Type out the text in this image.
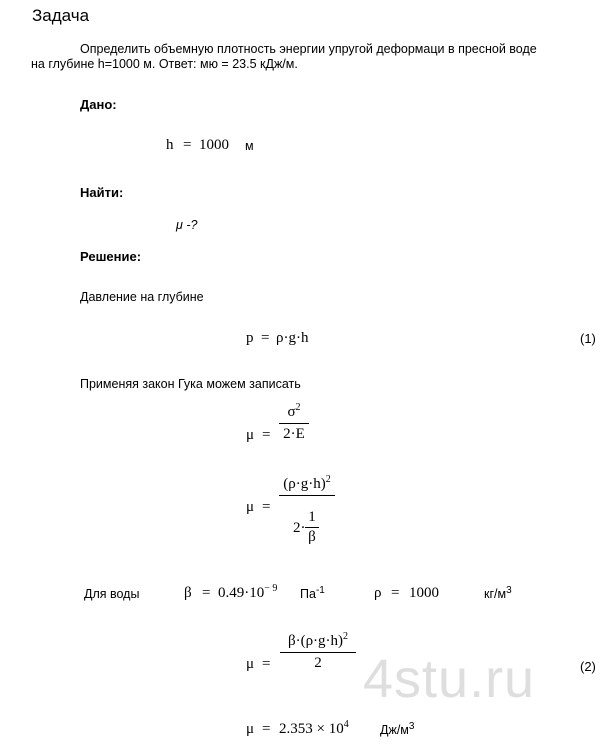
Задача
Определить объемную плотность энергии упругой деформаци в пресной воде
на глубине h=1000 м. Ответ: мю = 23.5 кДж/м.
Дано:
h = 1000 м
Найти:
μ -?
Решение:
Давление на глубине
p = ρ·g·h	(1)
Применяя закон Гука можем записать
μ =
$\sigma^2$
2·E
μ =
$(\rho\cdot g\cdot h)^2$
2·
1
β
Для воды	$\beta = 0.49\cdot 10^{- 9}$ $Па^{-1}$	ρ = 1000	$кг/м^3$
4stu.ru
μ =
$\beta\cdot(\rho\cdot g\cdot h)^2$
2	(2)
$\mu = 2.353 \times 10^4$	$Дж/м^3$
